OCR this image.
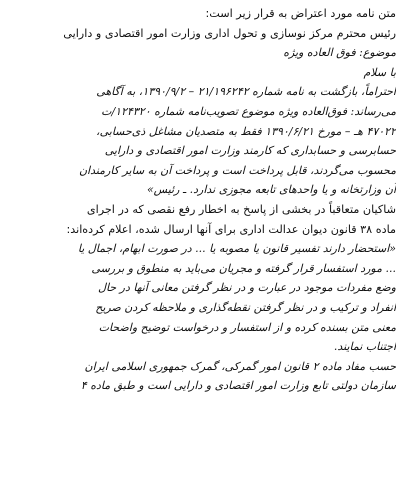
متن نامه مورد اعتراض به قرار زیر است:
رئیس محترم مرکز نوسازی و تحول اداری وزارت امور اقتصادی و دارایی
موضوع: فوق العاده ویژه
با سلام
احتراماً، بازگشت به نامه شماره ۲۱/۱۹۶۲۴۲ – ۱۳۹۰/۹/۲، به آگاهی
می‌رساند: فوق‌العاده ویژه موضوع تصویب‌نامه شماره ۱۲۴۳۲۰/ت
۴۷۰۲۲ هـ – مورخ ۱۳۹۰/۶/۲۱ فقط به متصدیان مشاغل ذی‌حسابی،
حسابرسی و حسابداری که کارمند وزارت امور اقتصادی و دارایی
محسوب می‌گردند، قابل پرداخت است و پرداخت آن به سایر کارمندان
آن وزارتخانه و یا واحدهای تابعه مجوزی ندارد. ـ رئیس»
شاکیان متعاقباً در بخشی از پاسخ به اخطار رفع نقصی که در اجرای
ماده ۳۸ قانون دیوان عدالت اداری برای آنها ارسال شده، اعلام کرده‌اند:
«استحضار دارند تفسیر قانون یا مصوبه یا ... در صورت ابهام، اجمال یا
... مورد استفسار قرار گرفته و مجریان می‌باید به منطوق و بررسی
وضع مفردات موجود در عبارت و در نظر گرفتن معانی آنها در حال
انفراد و ترکیب و در نظر گرفتن نقطه‌گذاری و ملاحظه کردن صریح
معنی متن بسنده کرده و از استفسار و درخواست توضیح واضحات
اجتناب نمایند.
حسب مفاد ماده ۲ قانون امور گمرکی، گمرک جمهوری اسلامی ایران
سازمان دولتی تابع وزارت امور اقتصادی و دارایی است و طبق ماده ۴
